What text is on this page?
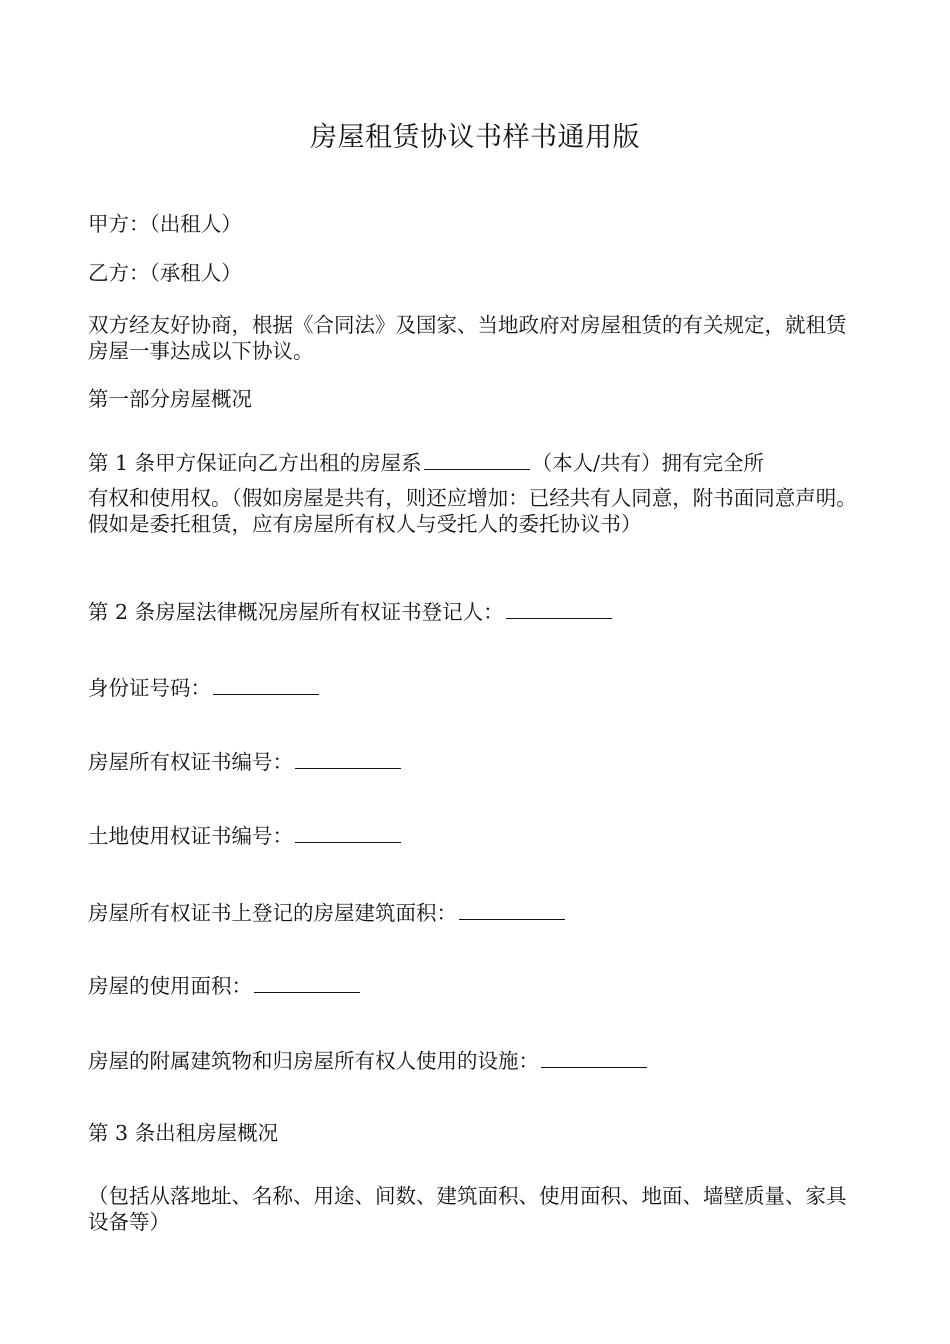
房屋租赁协议书样书通用版
甲方：（出租人）
乙方：（承租人）
双方经友好协商，根据《合同法》及国家、当地政府对房屋租赁的有关规定，就租赁房屋一事达成以下协议。
第一部分房屋概况
第 1 条甲方保证向乙方出租的房屋系	（本人/共有）拥有完全所
有权和使用权。（假如房屋是共有，则还应增加：已经共有人同意，附书面同意声明。假如是委托租赁，应有房屋所有权人与受托人的委托协议书）
第 2 条房屋法律概况房屋所有权证书登记人：
身份证号码：
房屋所有权证书编号：
土地使用权证书编号：
房屋所有权证书上登记的房屋建筑面积：
房屋的使用面积：
房屋的附属建筑物和归房屋所有权人使用的设施：
第 3 条出租房屋概况
（包括从落地址、名称、用途、间数、建筑面积、使用面积、地面、墙壁质量、家具设备等）
